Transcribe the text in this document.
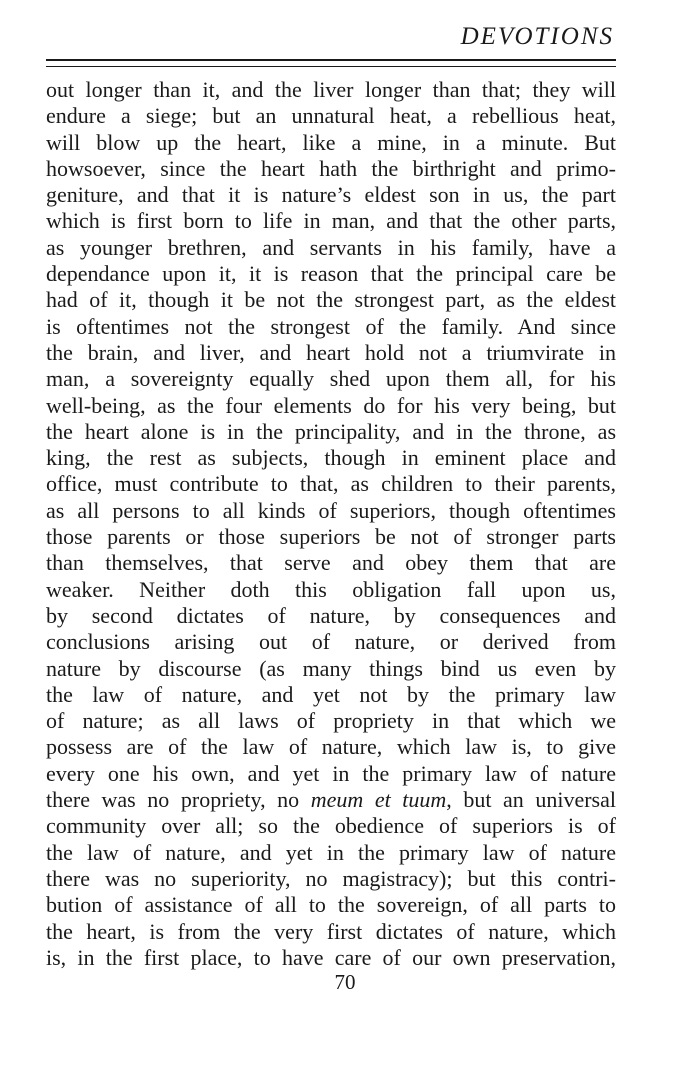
DEVOTIONS
out longer than it, and the liver longer than that; they will
endure a siege; but an unnatural heat, a rebellious heat,
will blow up the heart, like a mine, in a minute. But
howsoever, since the heart hath the birthright and primo-
geniture, and that it is nature’s eldest son in us, the part
which is first born to life in man, and that the other parts,
as younger brethren, and servants in his family, have a
dependance upon it, it is reason that the principal care be
had of it, though it be not the strongest part, as the eldest
is oftentimes not the strongest of the family. And since
the brain, and liver, and heart hold not a triumvirate in
man, a sovereignty equally shed upon them all, for his
well-being, as the four elements do for his very being, but
the heart alone is in the principality, and in the throne, as
king, the rest as subjects, though in eminent place and
office, must contribute to that, as children to their parents,
as all persons to all kinds of superiors, though oftentimes
those parents or those superiors be not of stronger parts
than themselves, that serve and obey them that are
weaker. Neither doth this obligation fall upon us,
by second dictates of nature, by consequences and
conclusions arising out of nature, or derived from
nature by discourse (as many things bind us even by
the law of nature, and yet not by the primary law
of nature; as all laws of propriety in that which we
possess are of the law of nature, which law is, to give
every one his own, and yet in the primary law of nature
there was no propriety, no meum et tuum, but an universal
community over all; so the obedience of superiors is of
the law of nature, and yet in the primary law of nature
there was no superiority, no magistracy); but this contri-
bution of assistance of all to the sovereign, of all parts to
the heart, is from the very first dictates of nature, which
is, in the first place, to have care of our own preservation,
70
